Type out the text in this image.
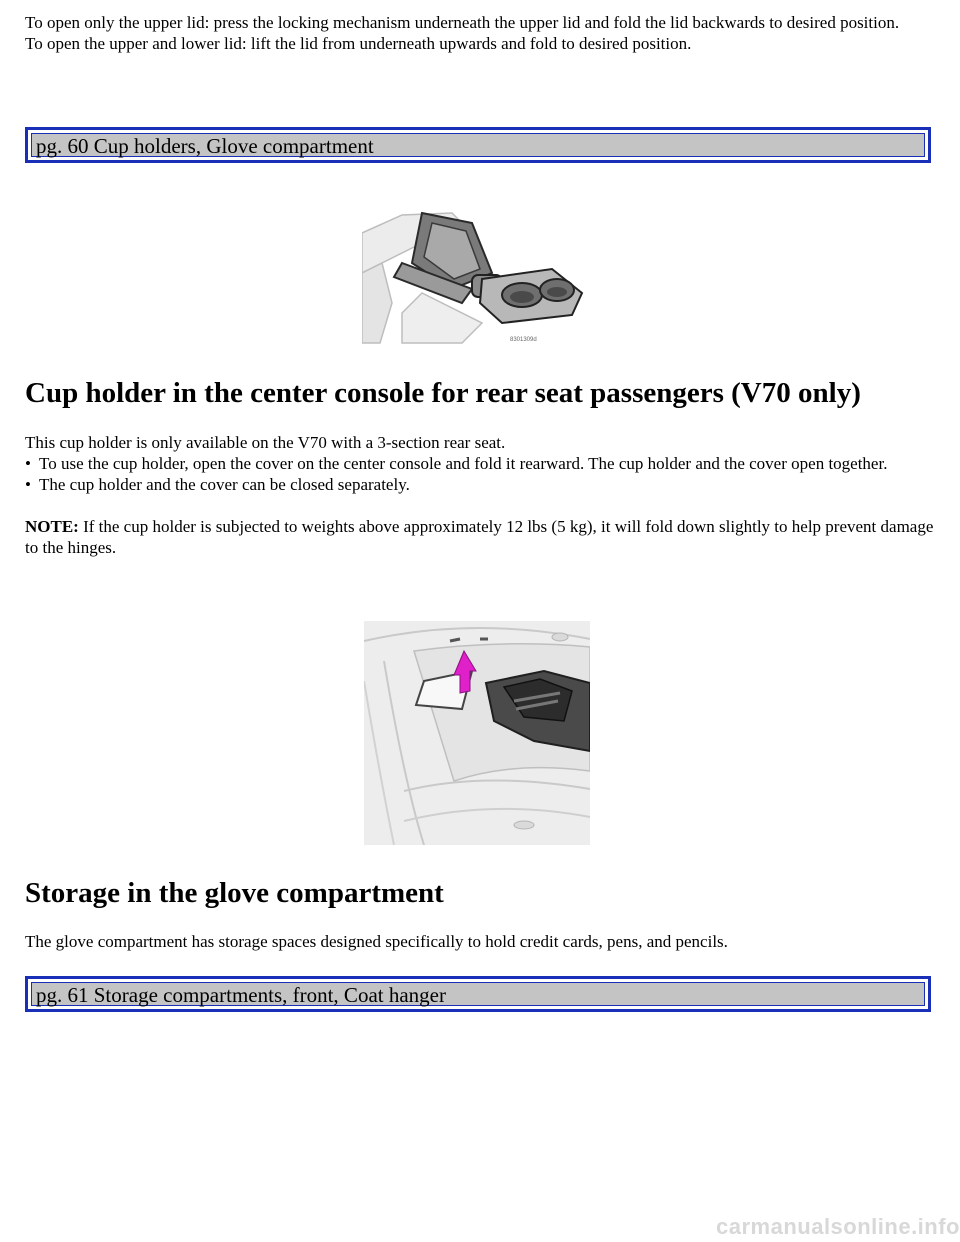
To open only the upper lid: press the locking mechanism underneath the upper lid and fold the lid backwards to desired position.

To open the upper and lower lid: lift the lid from underneath upwards and fold to desired position.

pg. 60 Cup holders, Glove compartment
8301309d
Cup holder in the center console for rear seat passengers (V70 only)

This cup holder is only available on the V70 with a 3-section rear seat.

• To use the cup holder, open the cover on the center console and fold it rearward. The cup holder and the cover open together.
• The cup holder and the cover can be closed separately.

NOTE: If the cup holder is subjected to weights above approximately 12 lbs (5 kg), it will fold down slightly to help prevent damage to the hinges.

Storage in the glove compartment

The glove compartment has storage spaces designed specifically to hold credit cards, pens, and pencils.

pg. 61 Storage compartments, front, Coat hanger
carmanualsonline.info
